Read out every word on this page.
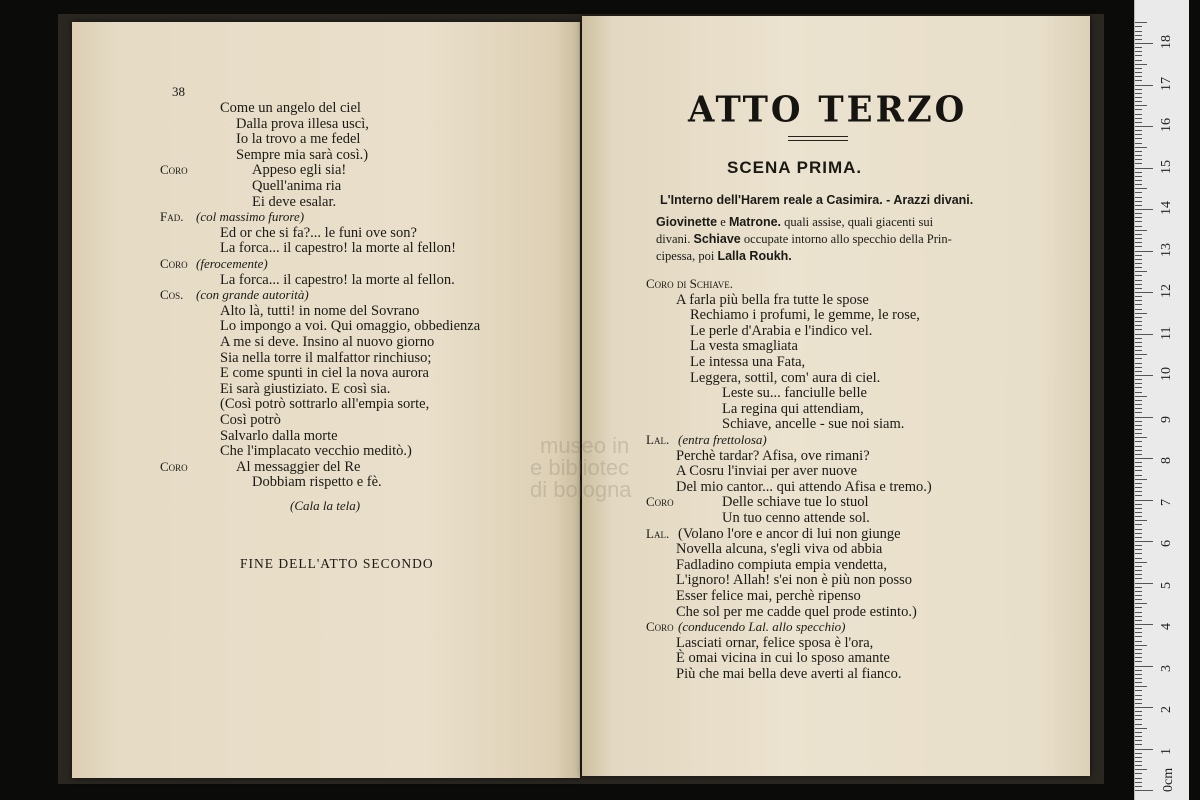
38
Come un angelo del ciel
Dalla prova illesa uscì,
Io la trovo a me fedel
Sempre mia sarà così.)
Coro	Appeso egli sia!
Quell'anima ria
Ei deve esalar.
Fad. (col massimo furore)
Ed or che si fa?... le funi ove son?
La forca... il capestro! la morte al fellon!
Coro (ferocemente)
La forca... il capestro! la morte al fellon.
Cos. (con grande autorità)
Alto là, tutti! in nome del Sovrano
Lo impongo a voi. Qui omaggio, obbedienza
A me si deve. Insino al nuovo giorno
Sia nella torre il malfattor rinchiuso;
E come spunti in ciel la nova aurora
Ei sarà giustiziato. E così sia.
(Così potrò sottrarlo all'empia sorte,
Così potrò
Salvarlo dalla morte
Che l'implacato vecchio meditò.)
Coro	Al messaggier del Re
Dobbiam rispetto e fè.
(Cala la tela)
FINE DELL'ATTO SECONDO
ATTO TERZO
SCENA PRIMA.
L'Interno dell'Harem reale a Casimira. - Arazzi divani.
Giovinette e Matrone. quali assise, quali giacenti sui
divani. Schiave occupate intorno allo specchio della Prin-
cipessa, poi Lalla Roukh.
Coro di Schiave.
A farla più bella fra tutte le spose
Rechiamo i profumi, le gemme, le rose,
Le perle d'Arabia e l'indico vel.
La vesta smagliata
Le intessa una Fata,
Leggera, sottil, com' aura di ciel.
Leste su... fanciulle belle
La regina qui attendiam,
Schiave, ancelle - sue noi siam.
Lal. (entra frettolosa)
Perchè tardar? Afisa, ove rimani?
A Cosru l'inviai per aver nuove
Del mio cantor... qui attendo Afisa e tremo.)
Coro	Delle schiave tue lo stuol
Un tuo cenno attende sol.
Lal. (Volano l'ore e ancor di lui non giunge
Novella alcuna, s'egli viva od abbia
Fadladino compiuta empia vendetta,
L'ignoro! Allah! s'ei non è più non posso
Esser felice mai, perchè ripenso
Che sol per me cadde quel prode estinto.)
Coro (conducendo Lal. allo specchio)
Lasciati ornar, felice sposa è l'ora,
È omai vicina in cui lo sposo amante
Più che mai bella deve averti al fianco.
museo in
e bibliotec
di bologna
0cm
1
2
3
4
5
6
7
8
9
10
11
12
13
14
15
16
17
18
